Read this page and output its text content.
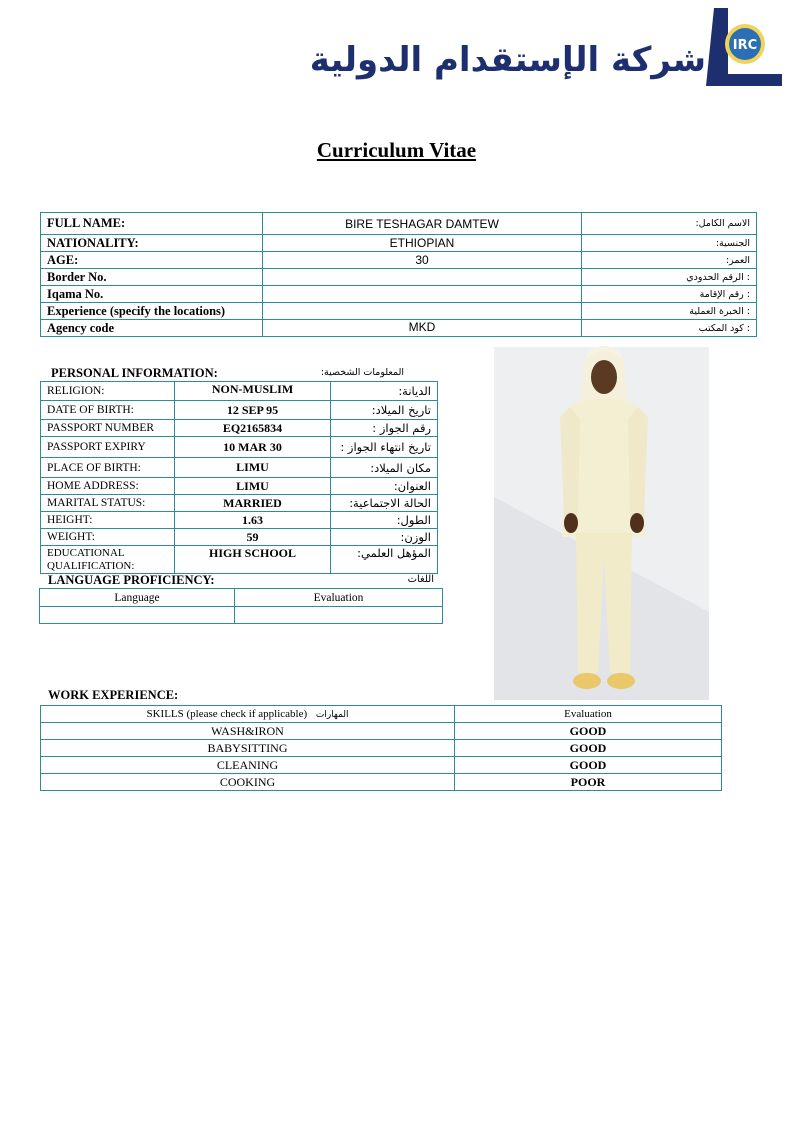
شركة الإستقدام الدولية IRC
Curriculum Vitae
FULL NAME:	BIRE TESHAGAR DAMTEW	الاسم الكامل:
NATIONALITY:	ETHIOPIAN	الجنسية:
AGE:	30	العمر:
Border No.		: الرقم الحدودي
Iqama No.		: رقم الإقامة
Experience (specify the locations)		: الخبرة العملية
Agency code	MKD	: كود المكتب
PERSONAL INFORMATION:	المعلومات الشخصية:
RELIGION:	NON-MUSLIM	الديانة:
DATE OF BIRTH:	12 SEP 95	تاريخ الميلاد:
PASSPORT NUMBER	EQ2165834	رقم الجواز :
PASSPORT EXPIRY	10 MAR 30	تاريخ انتهاء الجواز :
PLACE OF BIRTH:	LIMU	مكان الميلاد:
HOME ADDRESS:	LIMU	العنوان:
MARITAL STATUS:	MARRIED	الحالة الاجتماعية:
HEIGHT:	1.63	الطول:
WEIGHT:	59	الوزن:
EDUCATIONAL QUALIFICATION:	HIGH SCHOOL	المؤهل العلمي:
LANGUAGE PROFICIENCY:	اللغات
Language	Evaluation

WORK EXPERIENCE:
SKILLS (please check if applicable) المهارات	Evaluation
WASH&IRON	GOOD
BABYSITTING	GOOD
CLEANING	GOOD
COOKING	POOR
